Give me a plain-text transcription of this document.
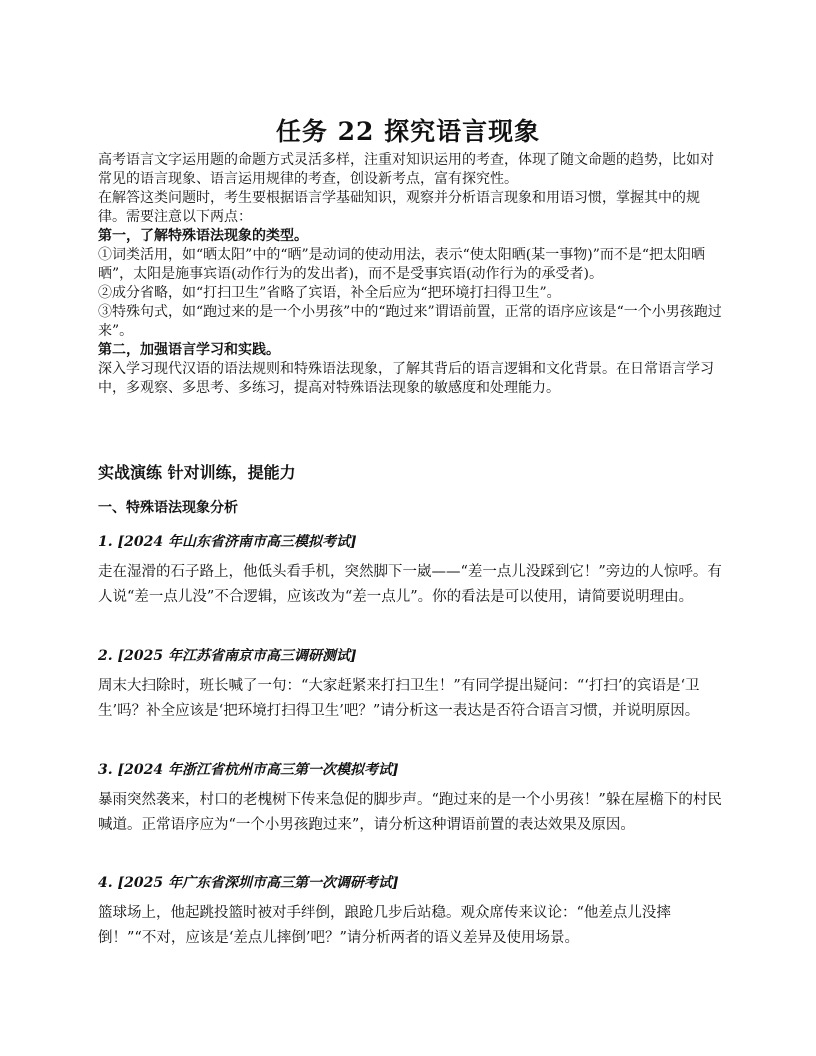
任务 22 探究语言现象

高考语言文字运用题的命题方式灵活多样，注重对知识运用的考查，体现了随文命题的趋势，比如对常见的语言现象、语言运用规律的考查，创设新考点，富有探究性。

在解答这类问题时，考生要根据语言学基础知识，观察并分析语言现象和用语习惯，掌握其中的规律。需要注意以下两点：

第一，了解特殊语法现象的类型。

①词类活用，如“晒太阳”中的“晒”是动词的使动用法，表示“使太阳晒(某一事物)”而不是“把太阳晒晒”，太阳是施事宾语(动作行为的发出者)，而不是受事宾语(动作行为的承受者)。

②成分省略，如“打扫卫生”省略了宾语，补全后应为“把环境打扫得卫生”。

③特殊句式，如“跑过来的是一个小男孩”中的“跑过来”谓语前置，正常的语序应该是“一个小男孩跑过来”。

第二，加强语言学习和实践。

深入学习现代汉语的语法规则和特殊语法现象，了解其背后的语言逻辑和文化背景。在日常语言学习中，多观察、多思考、多练习，提高对特殊语法现象的敏感度和处理能力。

实战演练 针对训练，提能力
一、特殊语法现象分析
1. [2024 年山东省济南市高三模拟考试]

走在湿滑的石子路上，他低头看手机，突然脚下一崴——“差一点儿没踩到它！”旁边的人惊呼。有人说“差一点儿没”不合逻辑，应该改为“差一点儿”。你的看法是可以使用，请简要说明理由。

2. [2025 年江苏省南京市高三调研测试]

周末大扫除时，班长喊了一句：“大家赶紧来打扫卫生！”有同学提出疑问：“‘打扫’的宾语是‘卫生’吗？补全应该是‘把环境打扫得卫生’吧？”请分析这一表达是否符合语言习惯，并说明原因。

3. [2024 年浙江省杭州市高三第一次模拟考试]

暴雨突然袭来，村口的老槐树下传来急促的脚步声。“跑过来的是一个小男孩！”躲在屋檐下的村民喊道。正常语序应为“一个小男孩跑过来”，请分析这种谓语前置的表达效果及原因。

4. [2025 年广东省深圳市高三第一次调研考试]

篮球场上，他起跳投篮时被对手绊倒，踉跄几步后站稳。观众席传来议论：“他差点儿没摔倒！”“不对，应该是‘差点儿摔倒’吧？”请分析两者的语义差异及使用场景。
